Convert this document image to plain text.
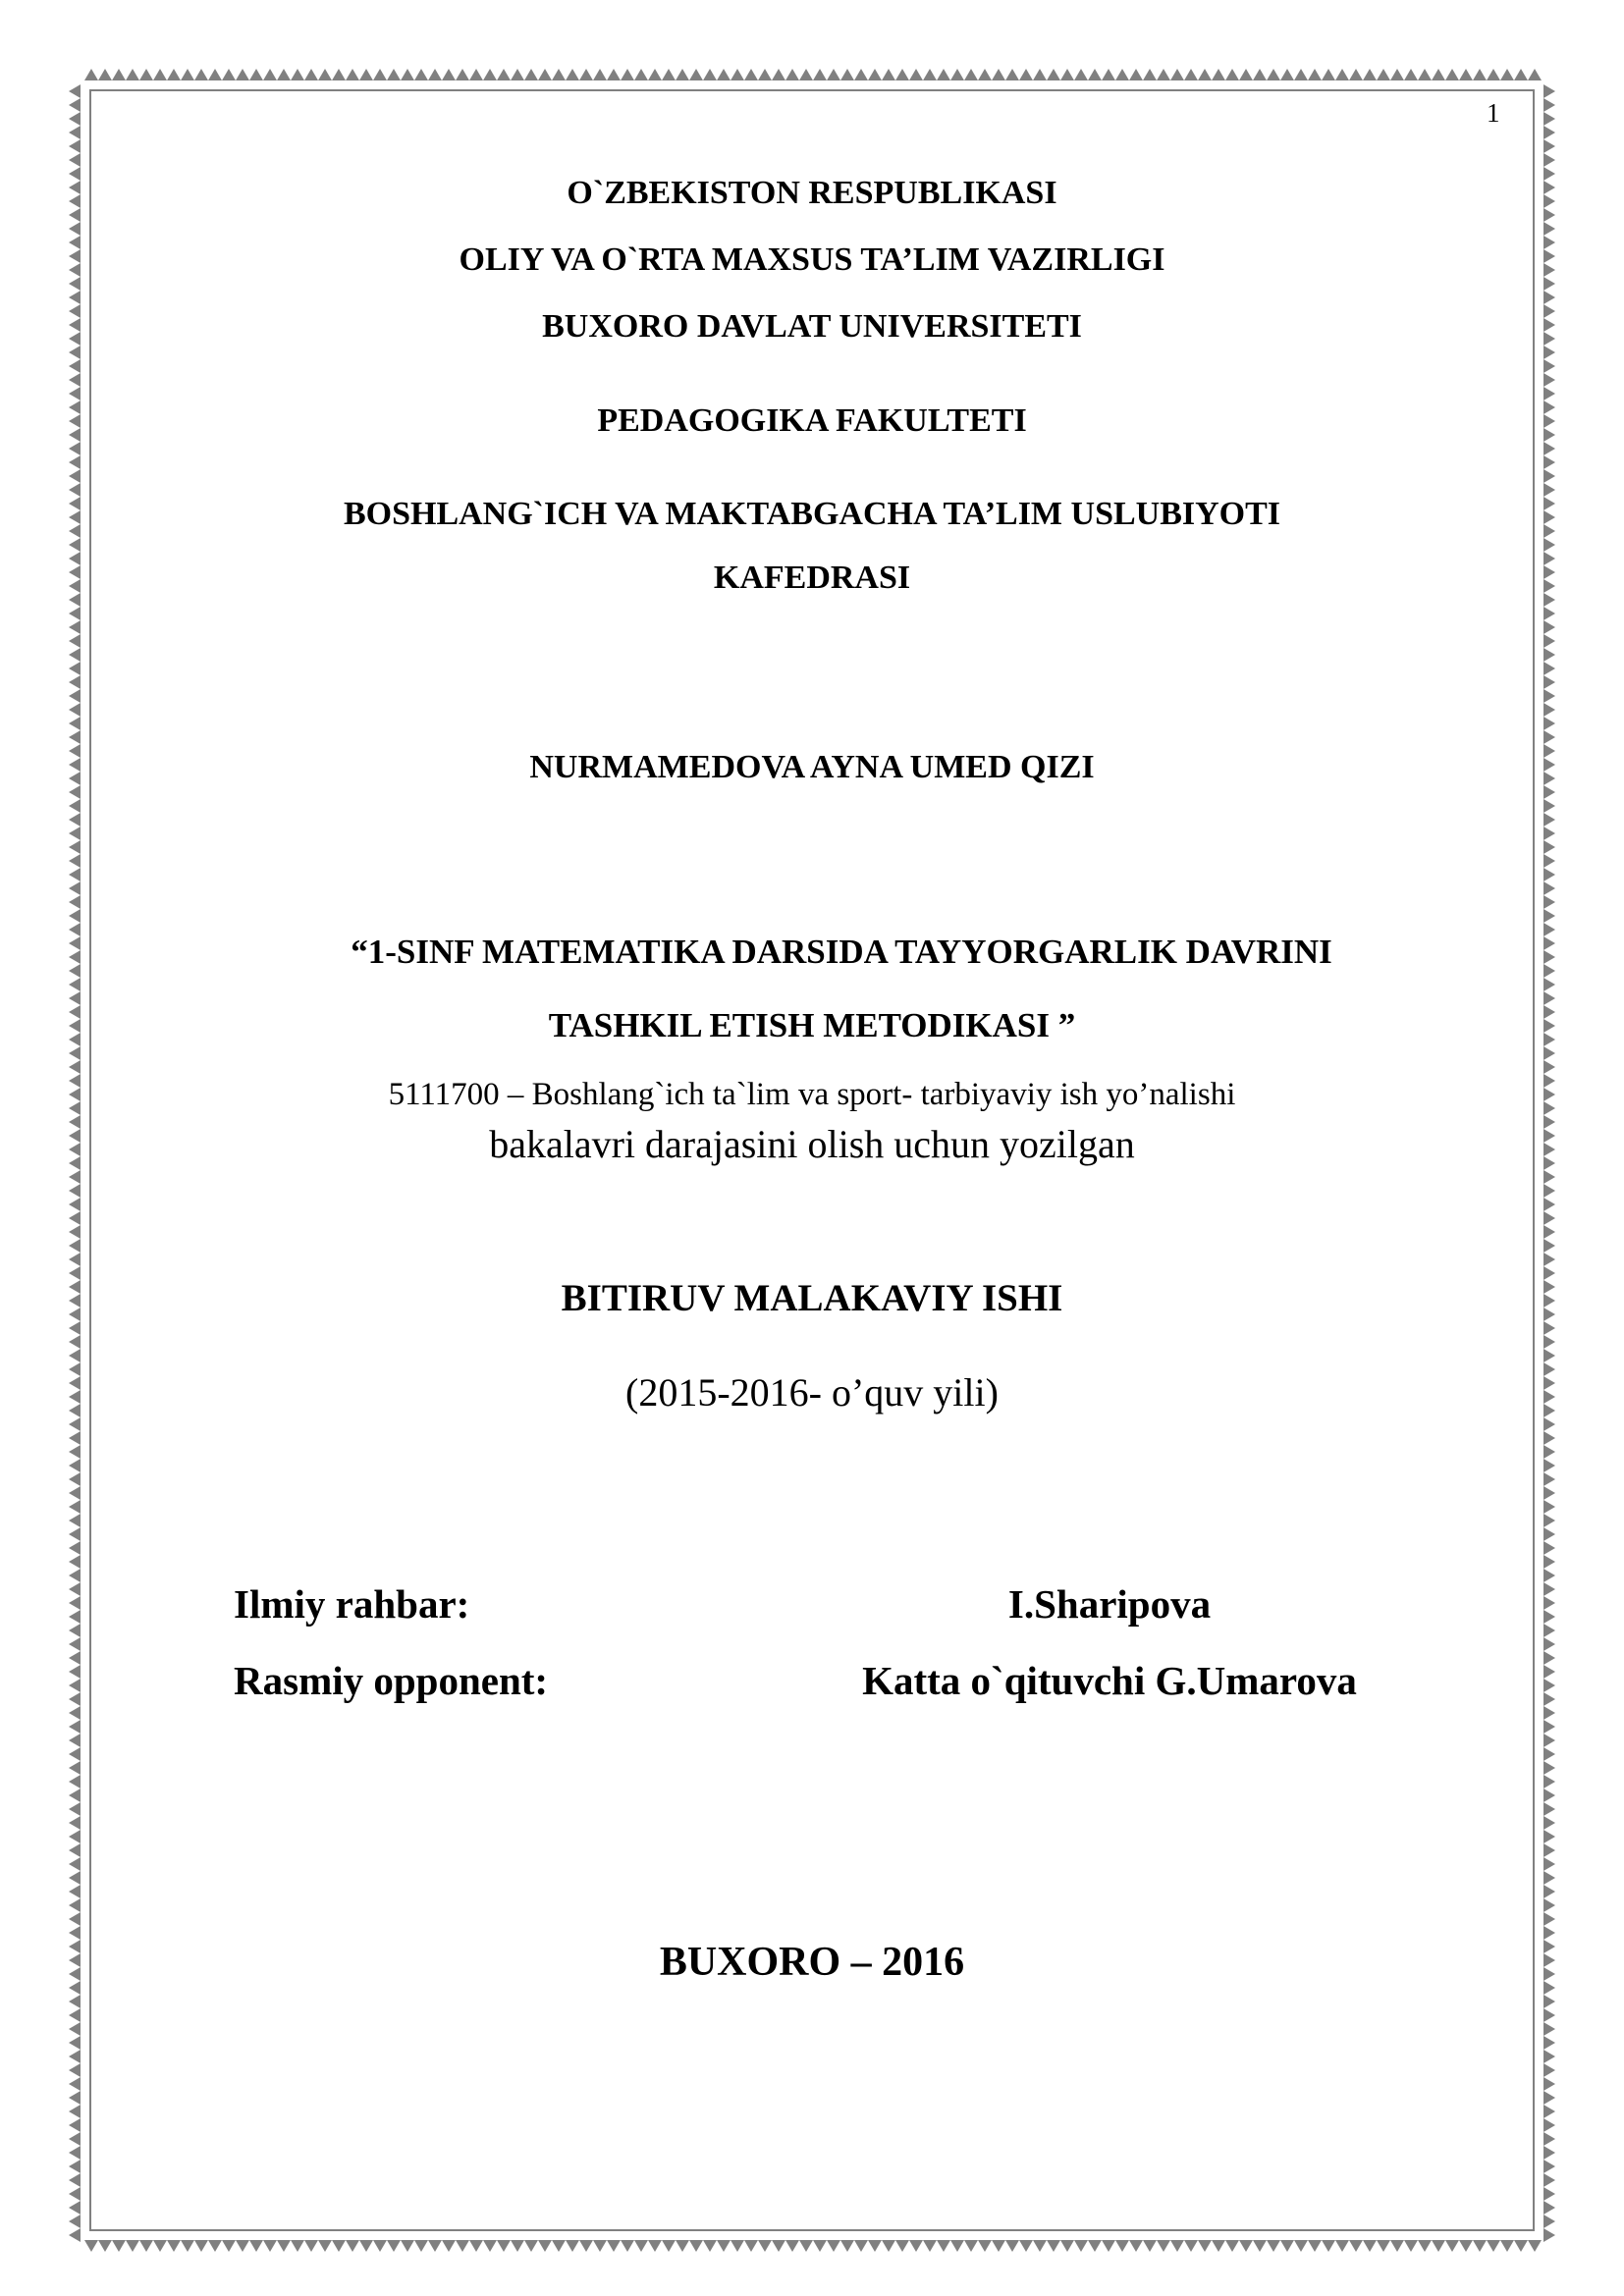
1
O`ZBEKISTON RESPUBLIKASI
OLIY VA O`RTA MAXSUS TA’LIM VAZIRLIGI
BUXORO DAVLAT UNIVERSITETI
PEDAGOGIKA FAKULTETI
BOSHLANG`ICH VA MAKTABGACHA TA’LIM USLUBIYOTI
KAFEDRASI
NURMAMEDOVA AYNA UMED QIZI
“1-SINF MATEMATIKA DARSIDA TAYYORGARLIK DAVRINI
TASHKIL ETISH METODIKASI ”
5111700 – Boshlang`ich ta`lim va sport- tarbiyaviy ish yo’nalishi
bakalavri darajasini olish uchun yozilgan
BITIRUV MALAKAVIY ISHI
(2015-2016- o’quv yili)
Ilmiy rahbar:	I.Sharipova
Rasmiy opponent:	Katta o`qituvchi G.Umarova
BUXORO – 2016
